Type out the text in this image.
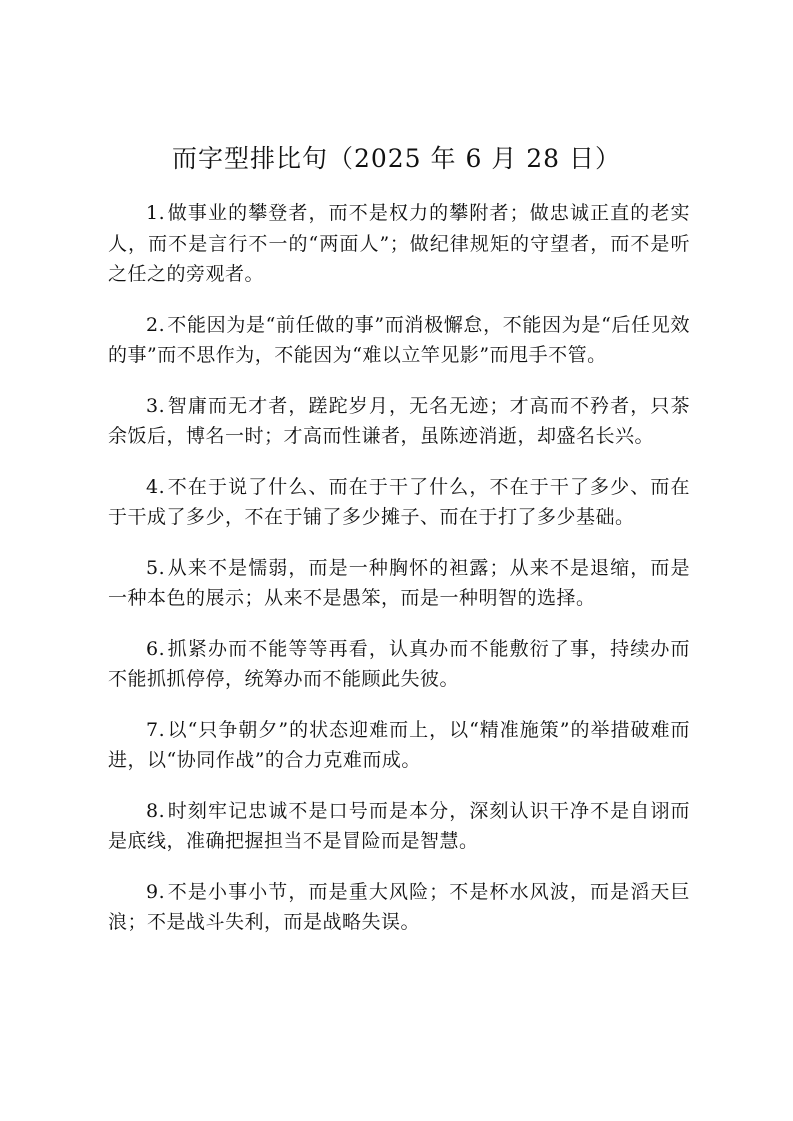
而字型排比句（2025 年 6 月 28 日）

1. 做事业的攀登者，而不是权力的攀附者；做忠诚正直的老实人，而不是言行不一的“两面人”；做纪律规矩的守望者，而不是听之任之的旁观者。

2. 不能因为是“前任做的事”而消极懈怠，不能因为是“后任见效的事”而不思作为，不能因为“难以立竿见影”而甩手不管。

3. 智庸而无才者，蹉跎岁月，无名无迹；才高而不矜者，只茶余饭后，博名一时；才高而性谦者，虽陈迹消逝，却盛名长兴。

4. 不在于说了什么、而在于干了什么，不在于干了多少、而在于干成了多少，不在于铺了多少摊子、而在于打了多少基础。

5. 从来不是懦弱，而是一种胸怀的袒露；从来不是退缩，而是一种本色的展示；从来不是愚笨，而是一种明智的选择。

6. 抓紧办而不能等等再看，认真办而不能敷衍了事，持续办而不能抓抓停停，统筹办而不能顾此失彼。

7. 以“只争朝夕”的状态迎难而上，以“精准施策”的举措破难而进，以“协同作战”的合力克难而成。

8. 时刻牢记忠诚不是口号而是本分，深刻认识干净不是自诩而是底线，准确把握担当不是冒险而是智慧。

9. 不是小事小节，而是重大风险；不是杯水风波，而是滔天巨浪；不是战斗失利，而是战略失误。
